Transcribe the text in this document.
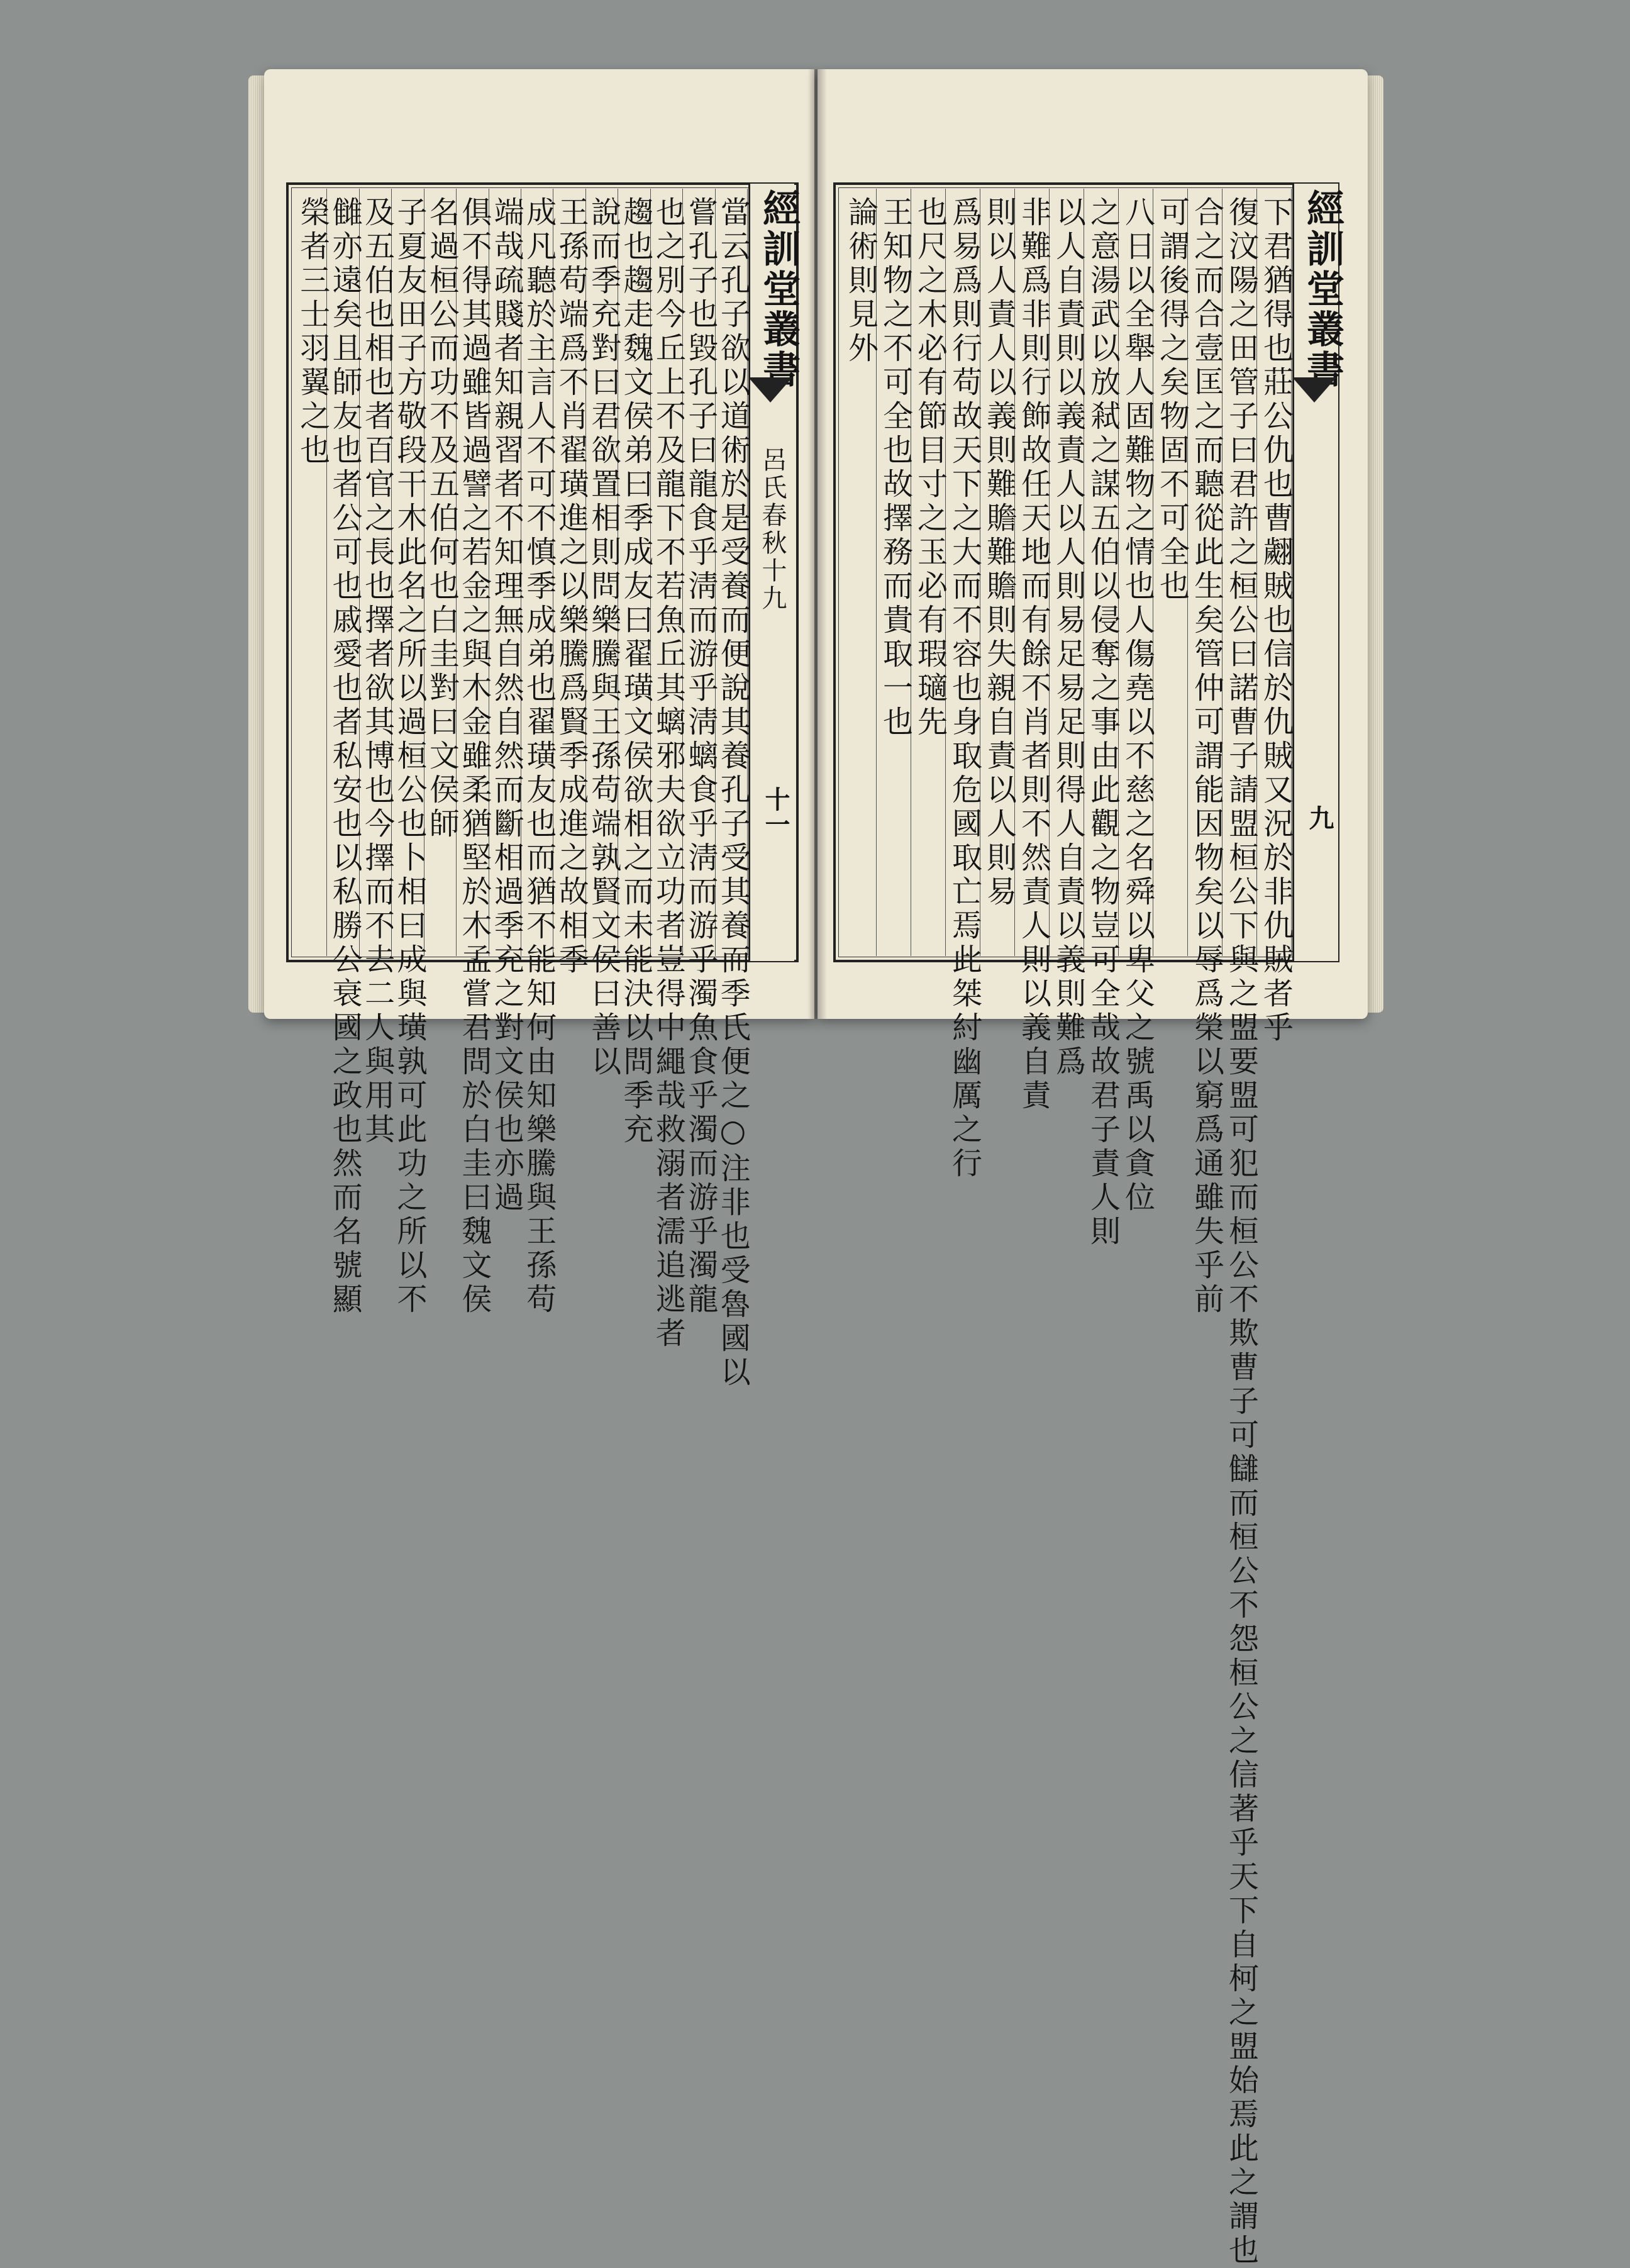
經訓堂叢書
呂氏春秋十九
十一
經訓堂叢書
九
當云孔子欲以道術於是受養而便說其養孔子受其養而季氏便之○注非也受魯國以
嘗孔子也毀孔子曰龍食乎淸而游乎淸螭食乎淸而游乎濁魚食乎濁而游乎濁龍
也之別今丘上不及龍下不若魚丘其螭邪夫欲立功者豈得中繩哉救溺者濡追逃者
趨也趨走魏文侯弟曰季成友曰翟璜文侯欲相之而未能決以問季充
說而季充對曰君欲置相則問樂騰與王孫苟端孰賢文侯曰善以
王孫苟端爲不肖翟璜進之以樂騰爲賢季成進之故相季
成凡聽於主言人不可不慎季成弟也翟璜友也而猶不能知何由知樂騰與王孫苟
端哉疏賤者知親習者不知理無自然自然而斷相過季充之對文侯也亦過
俱不得其過雖皆過譬之若金之與木金雖柔猶堅於木孟嘗君問於白圭曰魏文侯
名過桓公而功不及五伯何也白圭對曰文侯師
子夏友田子方敬段干木此名之所以過桓公也卜相曰成與璜孰可此功之所以不
及五伯也相也者百官之長也擇者欲其博也今擇而不去二人與用其
雠亦遠矣且師友也者公可也戚愛也者私安也以私勝公衰國之政也然而名號顯
榮者三士羽翼之也	下君猶得也莊公仇也曹翽賊也信於仇賊又況於非仇賊者乎
復汶陽之田管子曰君許之桓公曰諾曹子請盟桓公下與之盟要盟可犯而桓公不欺曹子可讎而桓公不怨桓公之信著乎天下自柯之盟始焉此之謂也
合之而合壹匡之而聽從此生矣管仲可謂能因物矣以辱爲榮以窮爲通雖失乎前
可謂後得之矣物固不可全也
八日以全舉人固難物之情也人傷堯以不慈之名舜以卑父之號禹以貪位
之意湯武以放弒之謀五伯以侵奪之事由此觀之物豈可全哉故君子責人則
以人自責則以義責人以人則易足易足則得人自責以義則難爲
非難爲非則行飾故任天地而有餘不肖者則不然責人則以義自責
則以人責人以義則難贍難贍則失親自責以人則易
爲易爲則行苟故天下之大而不容也身取危國取亡焉此桀紂幽厲之行
也尺之木必有節目寸之玉必有瑕瓋先
王知物之不可全也故擇務而貴取一也
論術則見外
